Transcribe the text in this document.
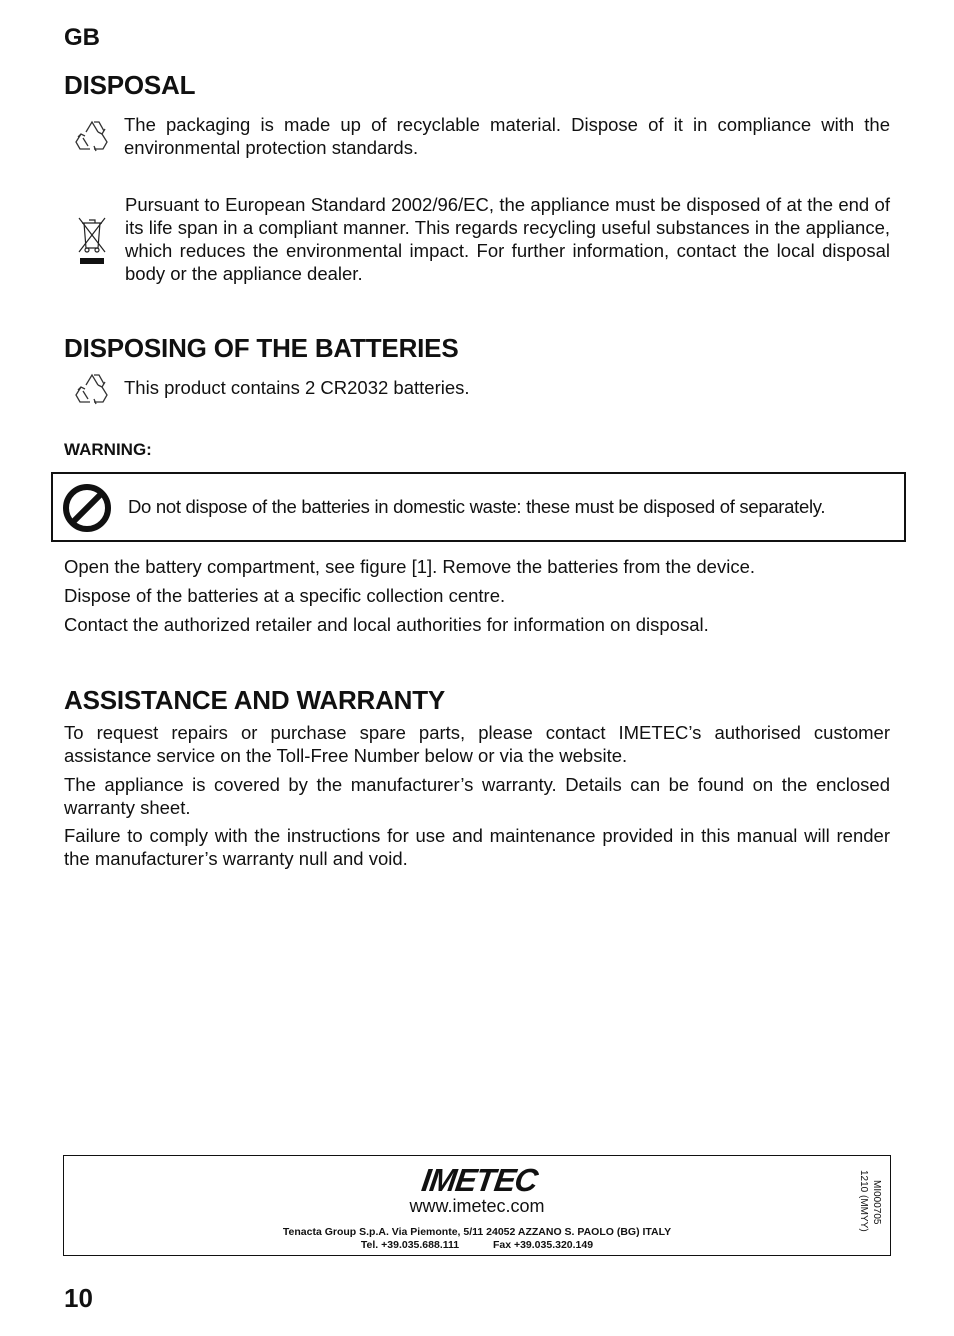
GB
DISPOSAL
The packaging is made up of recyclable material. Dispose of it in compliance with the environmental protection standards.
Pursuant to European Standard 2002/96/EC, the appliance must be disposed of at the end of its life span in a compliant manner. This regards recycling useful substances in the appliance, which reduces the environmental impact. For further information, contact the local disposal body or the appliance dealer.
DISPOSING OF THE BATTERIES
This product contains 2 CR2032 batteries.
WARNING:
Do not dispose of the batteries in domestic waste: these must be disposed of separately.
Open the battery compartment, see figure [1]. Remove the batteries from the device.
Dispose of the batteries at a specific collection centre.
Contact the authorized retailer and local authorities for information on disposal.
ASSISTANCE AND WARRANTY
To request repairs or purchase spare parts, please contact IMETEC’s authorised customer assistance service on the Toll-Free Number below or via the website.
The appliance is covered by the manufacturer’s warranty. Details can be found on the enclosed warranty sheet.
Failure to comply with the instructions for use and maintenance provided in this manual will render the manufacturer’s warranty null and void.
IMETEC
www.imetec.com
Tenacta Group S.p.A. Via Piemonte, 5/11 24052 AZZANO S. PAOLO (BG) ITALY
Tel. +39.035.688.111	Fax +39.035.320.149
MI000705
1210 (MMYY)
10
